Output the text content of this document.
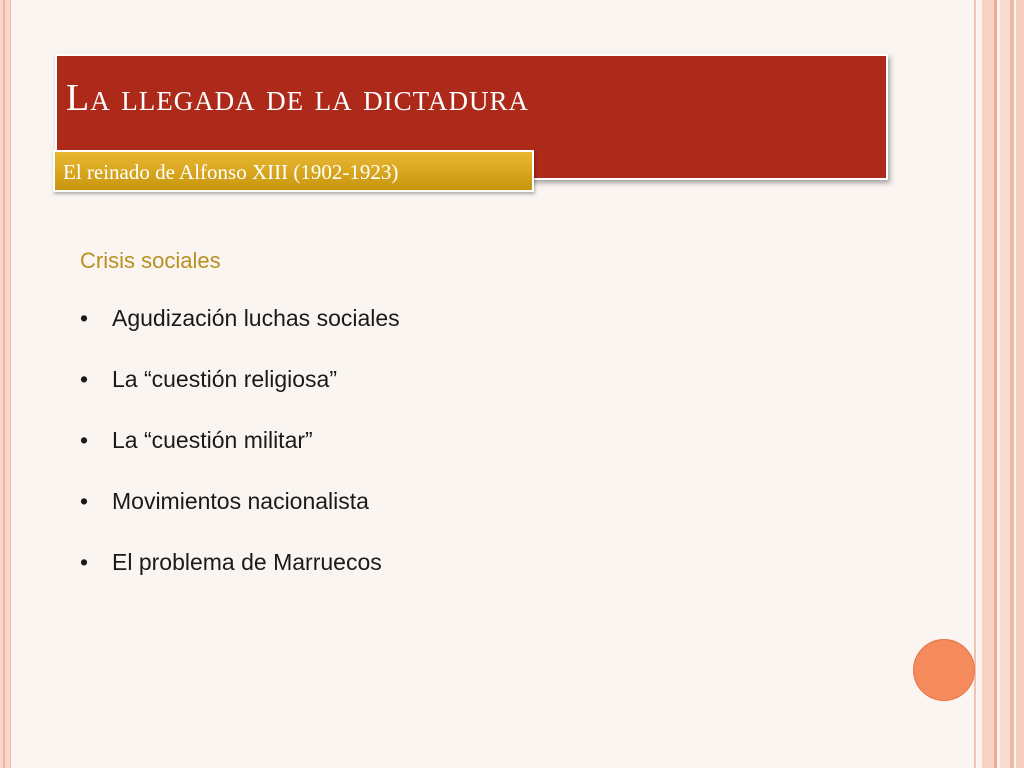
La llegada de la dictadura
El reinado de Alfonso XIII (1902-1923)
Crisis sociales
•	Agudización luchas sociales
•	La “cuestión religiosa”
•	La “cuestión militar”
•	Movimientos nacionalista
•	El problema de Marruecos
